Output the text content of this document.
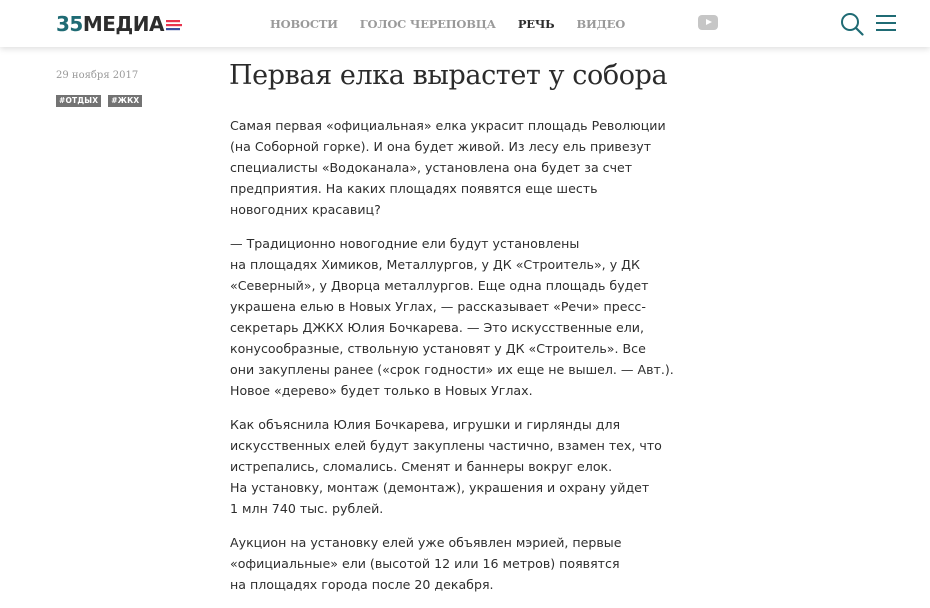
35 МЕДИА	НОВОСТИ ГОЛОС ЧЕРЕПОВЦА РЕЧЬ ВИДЕО
29 ноября 2017
#ОТДЫХ	#ЖКХ
Первая елка вырастет у собора

Самая первая «официальная» елка украсит площадь Революции
(на Соборной горке). И она будет живой. Из лесу ель привезут
специалисты «Водоканала», установлена она будет за счет
предприятия. На каких площадях появятся еще шесть
новогодних красавиц?

— Традиционно новогодние ели будут установлены
на площадях Химиков, Металлургов, у ДК «Строитель», у ДК
«Северный», у Дворца металлургов. Еще одна площадь будет
украшена елью в Новых Углах, — рассказывает «Речи» пресс-
секретарь ДЖКХ Юлия Бочкарева. — Это искусственные ели,
конусообразные, ствольную установят у ДК «Строитель». Все
они закуплены ранее («срок годности» их еще не вышел. — Авт.).
Новое «дерево» будет только в Новых Углах.

Как объяснила Юлия Бочкарева, игрушки и гирлянды для
искусственных елей будут закуплены частично, взамен тех, что
истрепались, сломались. Сменят и баннеры вокруг елок.
На установку, монтаж (демонтаж), украшения и охрану уйдет
1 млн 740 тыс. рублей.

Аукцион на установку елей уже объявлен мэрией, первые
«официальные» ели (высотой 12 или 16 метров) появятся
на площадях города после 20 декабря.
